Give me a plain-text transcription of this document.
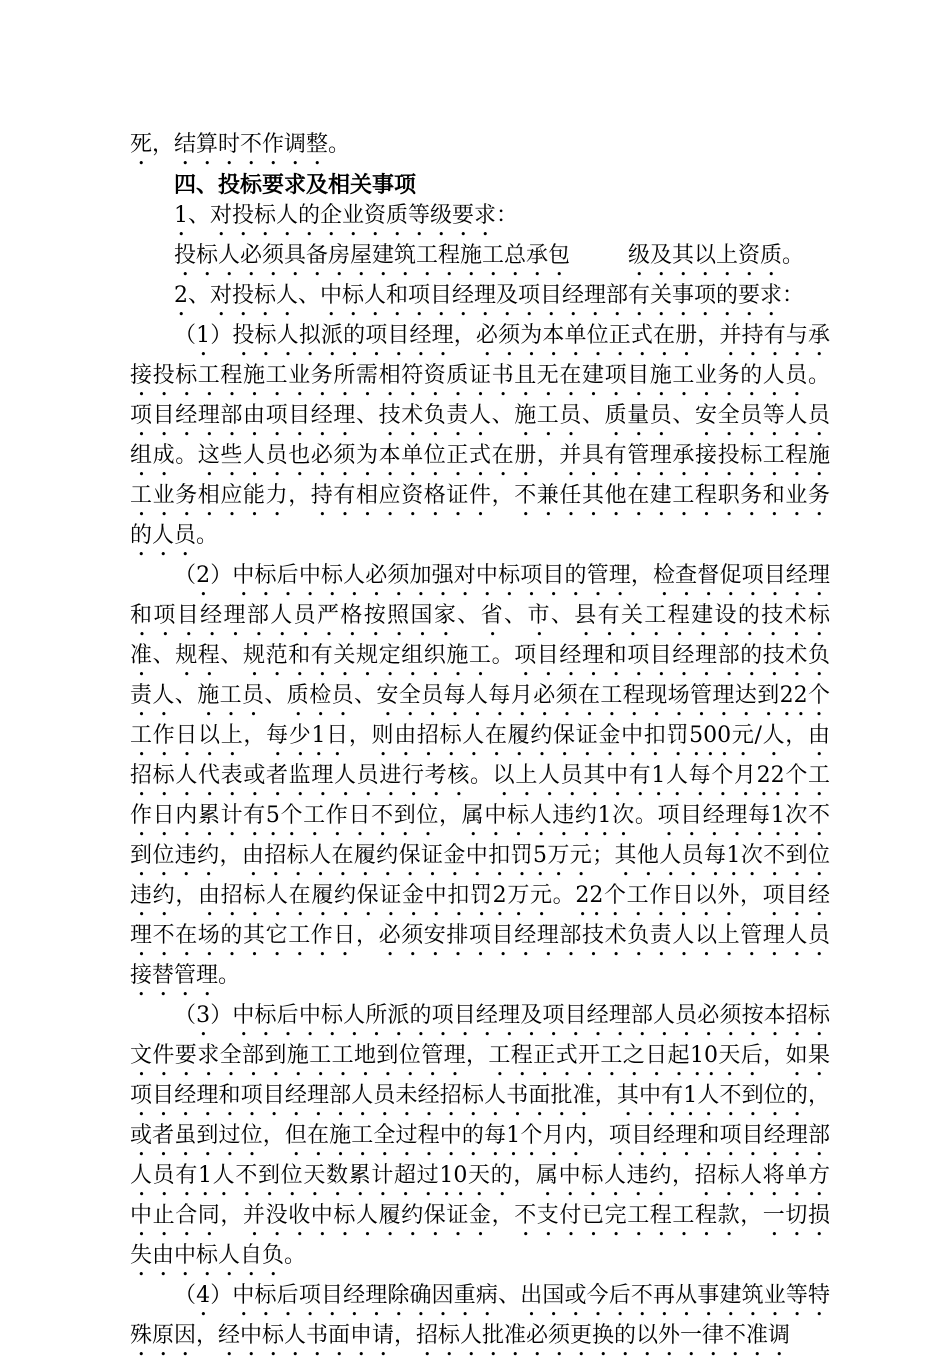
死，结算时不作调整。

四、投标要求及相关事项

1、对投标人的企业资质等级要求：

投标人必须具备房屋建筑工程施工总承包	级及其以上资质。

2、对投标人、中标人和项目经理及项目经理部有关事项的要求：

（1）投标人拟派的项目经理，必须为本单位正式在册，并持有与承接投标工程施工业务所需相符资质证书且无在建项目施工业务的人员。项目经理部由项目经理、技术负责人、施工员、质量员、安全员等人员组成。这些人员也必须为本单位正式在册，并具有管理承接投标工程施工业务相应能力，持有相应资格证件，不兼任其他在建工程职务和业务的人员。

（2）中标后中标人必须加强对中标项目的管理，检查督促项目经理和项目经理部人员严格按照国家、省、市、县有关工程建设的技术标准、规程、规范和有关规定组织施工。项目经理和项目经理部的技术负责人、施工员、质检员、安全员每人每月必须在工程现场管理达到22个工作日以上，每少1日，则由招标人在履约保证金中扣罚500元/人，由招标人代表或者监理人员进行考核。以上人员其中有1人每个月22个工作日内累计有5个工作日不到位，属中标人违约1次。项目经理每1次不到位违约，由招标人在履约保证金中扣罚5万元；其他人员每1次不到位违约，由招标人在履约保证金中扣罚2万元。22个工作日以外，项目经理不在场的其它工作日，必须安排项目经理部技术负责人以上管理人员接替管理。

（3）中标后中标人所派的项目经理及项目经理部人员必须按本招标文件要求全部到施工工地到位管理，工程正式开工之日起10天后，如果项目经理和项目经理部人员未经招标人书面批准，其中有1人不到位的，或者虽到过位，但在施工全过程中的每1个月内，项目经理和项目经理部人员有1人不到位天数累计超过10天的，属中标人违约，招标人将单方中止合同，并没收中标人履约保证金，不支付已完工程工程款，一切损失由中标人自负。

（4）中标后项目经理除确因重病、出国或今后不再从事建筑业等特殊原因，经中标人书面申请，招标人批准必须更换的以外一律不准调
